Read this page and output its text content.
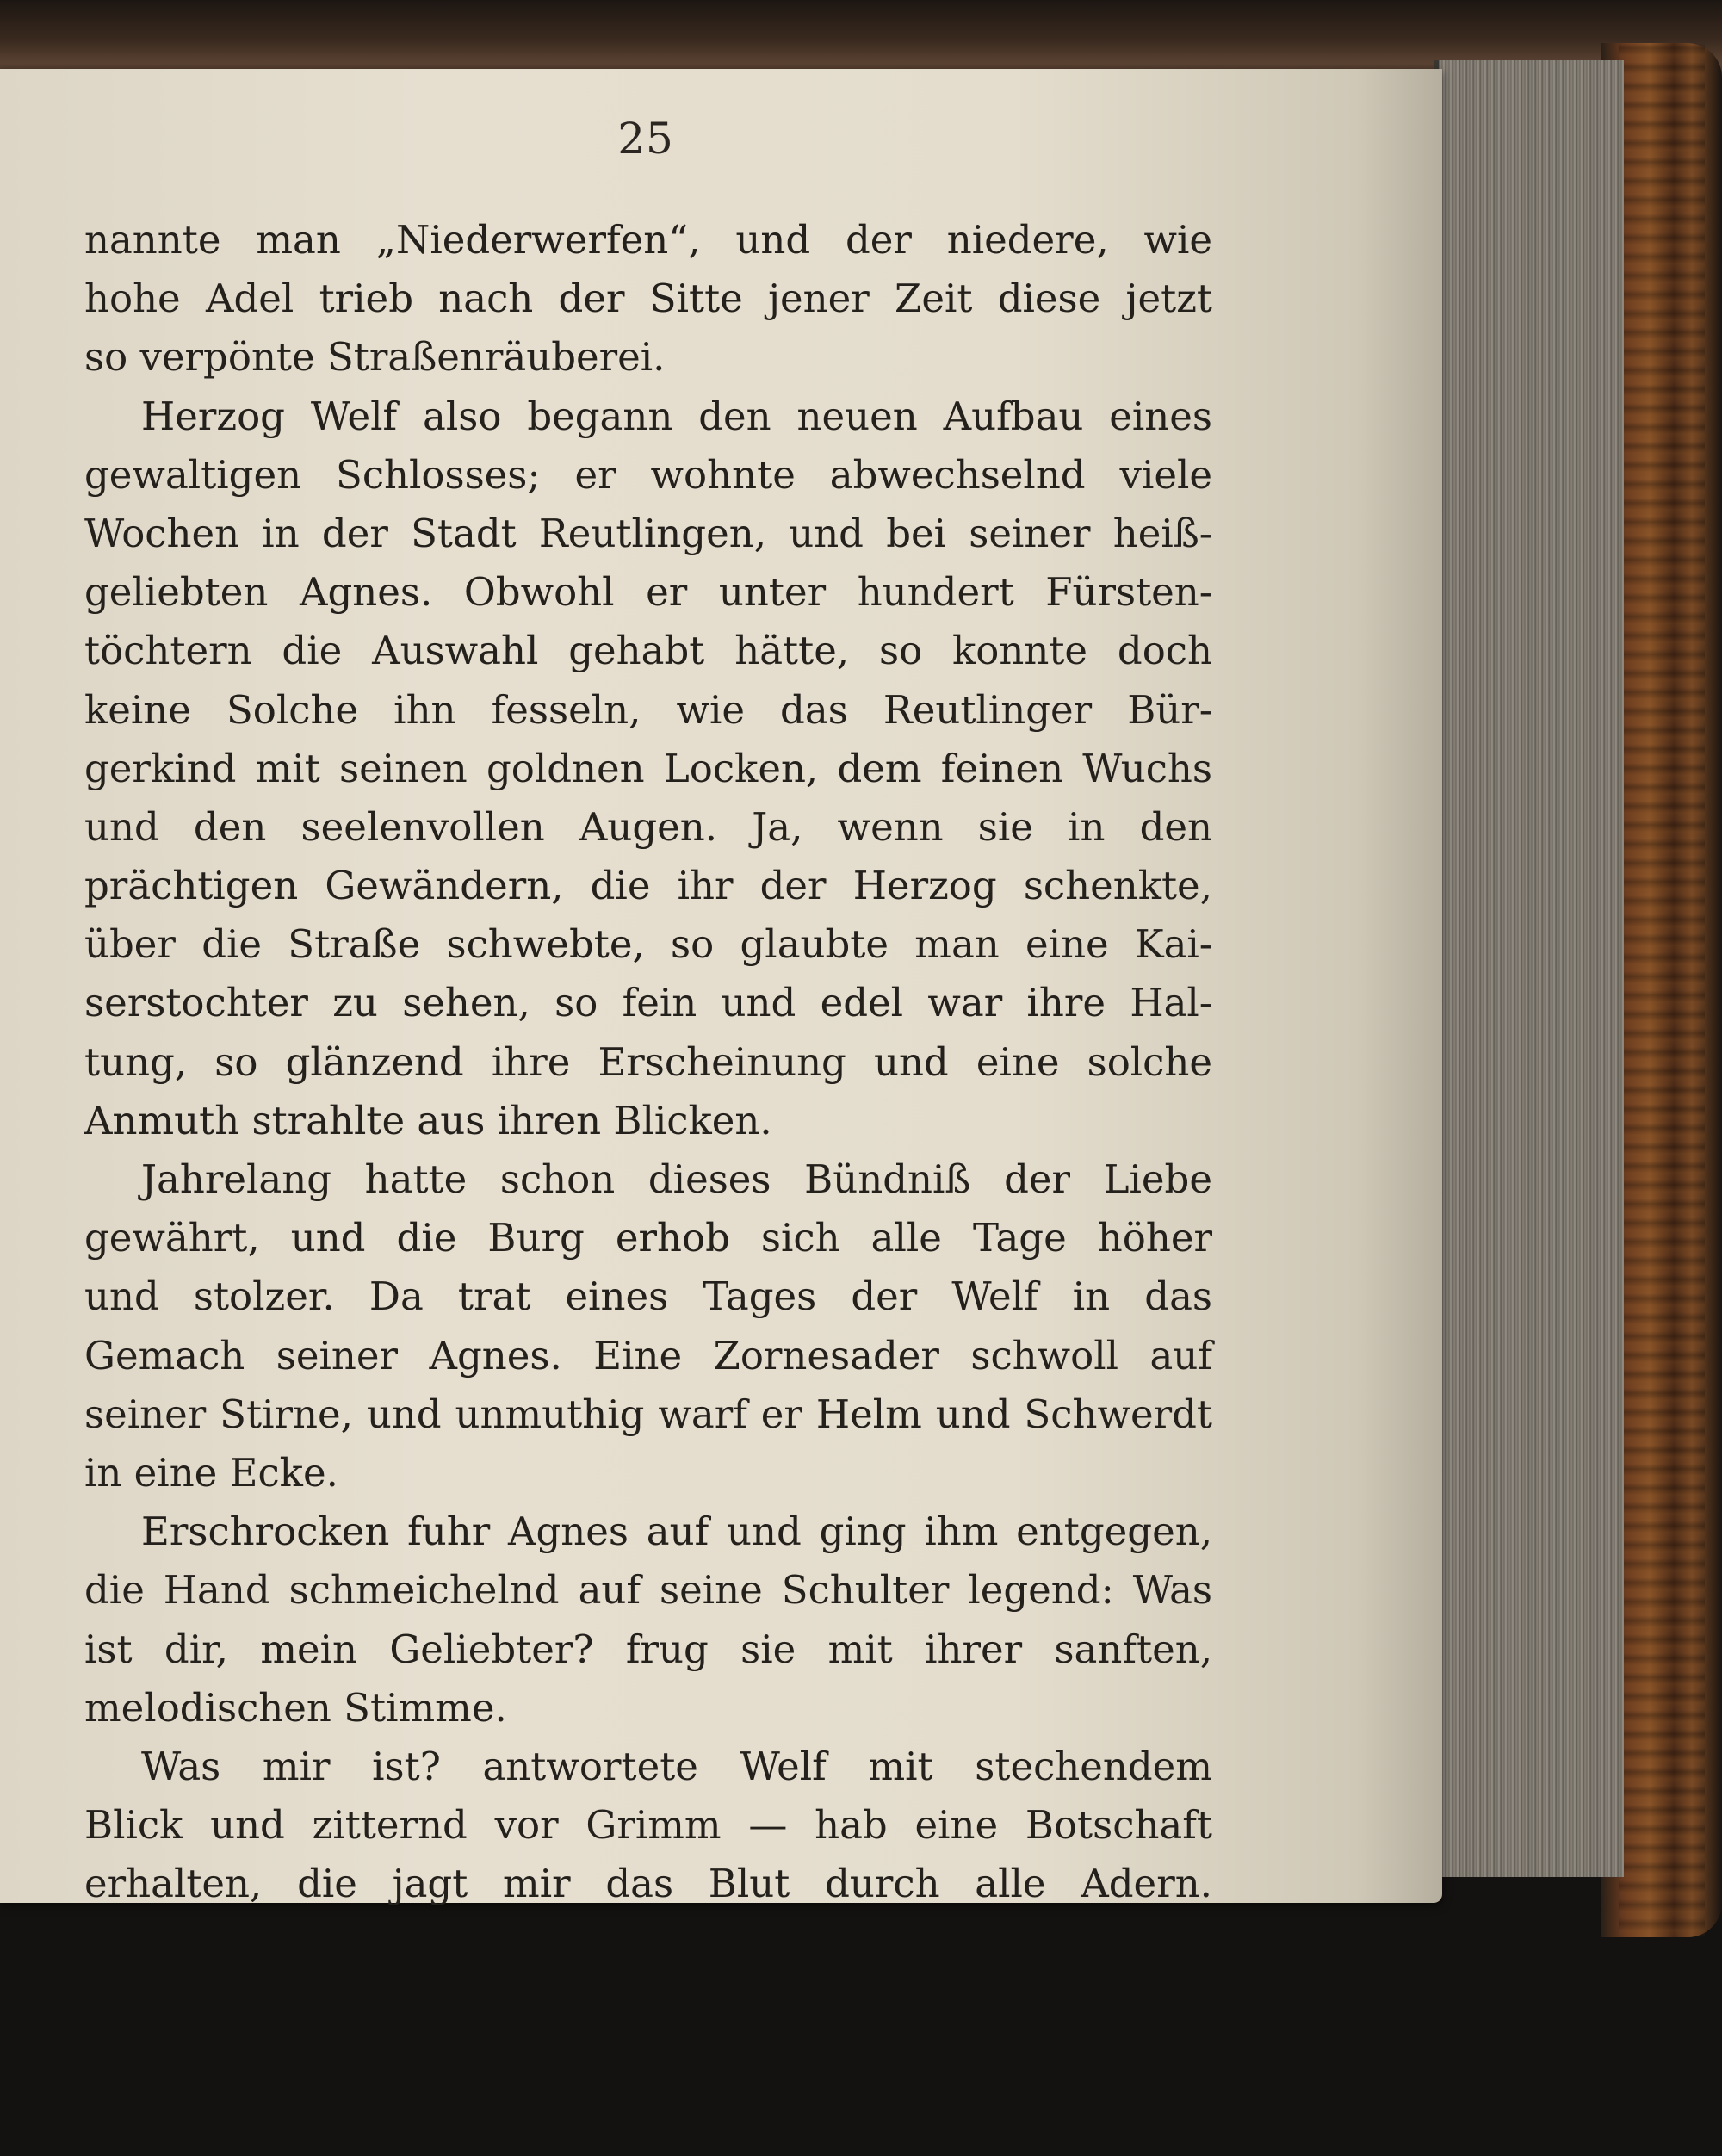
25
nannte man „Niederwerfen“, und der niedere, wie
hohe Adel trieb nach der Sitte jener Zeit diese jetzt
so verpönte Straßenräuberei.
Herzog Welf also begann den neuen Aufbau eines
gewaltigen Schlosses; er wohnte abwechselnd viele
Wochen in der Stadt Reutlingen, und bei seiner heiß-
geliebten Agnes. Obwohl er unter hundert Fürsten-
töchtern die Auswahl gehabt hätte, so konnte doch
keine Solche ihn fesseln, wie das Reutlinger Bür-
gerkind mit seinen goldnen Locken, dem feinen Wuchs
und den seelenvollen Augen. Ja, wenn sie in den
prächtigen Gewändern, die ihr der Herzog schenkte,
über die Straße schwebte, so glaubte man eine Kai-
serstochter zu sehen, so fein und edel war ihre Hal-
tung, so glänzend ihre Erscheinung und eine solche
Anmuth strahlte aus ihren Blicken.
Jahrelang hatte schon dieses Bündniß der Liebe
gewährt, und die Burg erhob sich alle Tage höher
und stolzer. Da trat eines Tages der Welf in das
Gemach seiner Agnes. Eine Zornesader schwoll auf
seiner Stirne, und unmuthig warf er Helm und Schwerdt
in eine Ecke.
Erschrocken fuhr Agnes auf und ging ihm entgegen,
die Hand schmeichelnd auf seine Schulter legend: Was
ist dir, mein Geliebter? frug sie mit ihrer sanften,
melodischen Stimme.
Was mir ist? antwortete Welf mit stechendem
Blick und zitternd vor Grimm — hab eine Botschaft
erhalten, die jagt mir das Blut durch alle Adern.
